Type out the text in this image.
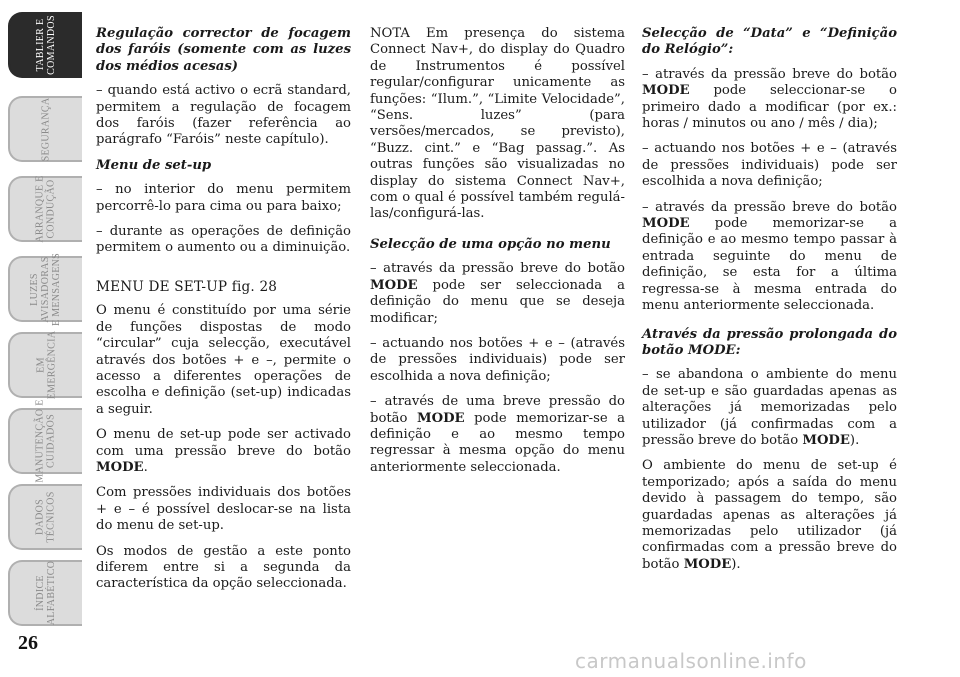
TABLIER E
COMANDOS
SEGURANÇA
ARRANQUE E
CONDUÇÃO
LUZES
AVISADORAS
E MENSAGENS
EM
EMERGÊNCIA
MANUTENÇÃO E
CUIDADOS
DADOS
TÉCNICOS
ÍNDICE
ALFABÉTICO
26

Regulação corrector de focagem dos faróis (somente com as luzes dos médios acesas)

– quando está activo o ecrã standard, permitem a regulação de focagem dos faróis (fazer referência ao parágrafo “Faróis” neste capítulo).

Menu de set-up

– no interior do menu permitem percorrê-lo para cima ou para baixo;

– durante as operações de definição permitem o aumento ou a diminuição.

MENU DE SET-UP fig. 28

O menu é constituído por uma série de funções dispostas de modo “circular” cuja selecção, executável através dos botões + e –, permite o acesso a diferentes operações de escolha e definição (set-up) indicadas a seguir.

O menu de set-up pode ser activado com uma pressão breve do botão MODE.

Com pressões individuais dos botões + e – é possível deslocar-se na lista do menu de set-up.

Os modos de gestão a este ponto diferem entre si a segunda da característica da opção seleccionada.

NOTA Em presença do sistema Connect Nav+, do display do Quadro de Instrumentos é possível regular/configurar unicamente as funções: “Ilum.”, “Limite Velocidade”, “Sens. luzes” (para versões/mercados, se previsto), “Buzz. cint.” e “Bag passag.”. As outras funções são visualizadas no display do sistema Connect Nav+, com o qual é possível também regulá-las/configurá-las.

Selecção de uma opção no menu

– através da pressão breve do botão MODE pode ser seleccionada a definição do menu que se deseja modificar;

– actuando nos botões + e – (através de pressões individuais) pode ser escolhida a nova definição;

– através de uma breve pressão do botão MODE pode memorizar-se a definição e ao mesmo tempo regressar à mesma opção do menu anteriormente seleccionada.

Selecção de “Data” e “Definição do Relógio”:

– através da pressão breve do botão MODE pode seleccionar-se o primeiro dado a modificar (por ex.: horas / minutos ou ano / mês / dia);

– actuando nos botões + e – (através de pressões individuais) pode ser escolhida a nova definição;

– através da pressão breve do botão MODE pode memorizar-se a definição e ao mesmo tempo passar à entrada seguinte do menu de definição, se esta for a última regressa-se à mesma entrada do menu anteriormente seleccionada.

Através da pressão prolongada do botão MODE:

– se abandona o ambiente do menu de set-up e são guardadas apenas as alterações já memorizadas pelo utilizador (já confirmadas com a pressão breve do botão MODE).

O ambiente do menu de set-up é temporizado; após a saída do menu devido à passagem do tempo, são guardadas apenas as alterações já memorizadas pelo utilizador (já confirmadas com a pressão breve do botão MODE).

carmanualsonline.info
